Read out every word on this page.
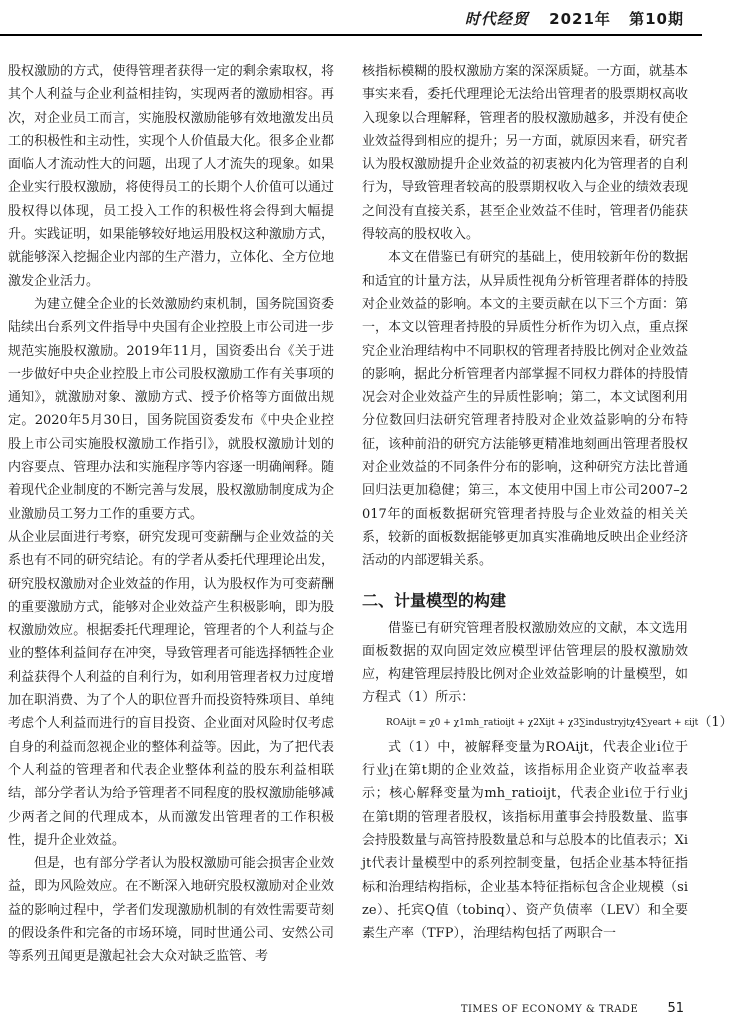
时代经贸 2021年 第10期

股权激励的方式，使得管理者获得一定的剩余索取权，将其个人利益与企业利益相挂钩，实现两者的激励相容。再次，对企业员工而言，实施股权激励能够有效地激发出员工的积极性和主动性，实现个人价值最大化。很多企业都面临人才流动性大的问题，出现了人才流失的现象。如果企业实行股权激励，将使得员工的长期个人价值可以通过股权得以体现，员工投入工作的积极性将会得到大幅提升。实践证明，如果能够较好地运用股权这种激励方式，就能够深入挖掘企业内部的生产潜力，立体化、全方位地激发企业活力。

为建立健全企业的长效激励约束机制，国务院国资委陆续出台系列文件指导中央国有企业控股上市公司进一步规范实施股权激励。2019年11月，国资委出台《关于进一步做好中央企业控股上市公司股权激励工作有关事项的通知》，就激励对象、激励方式、授予价格等方面做出规定。2020年5月30日，国务院国资委发布《中央企业控股上市公司实施股权激励工作指引》，就股权激励计划的内容要点、管理办法和实施程序等内容逐一明确阐释。随着现代企业制度的不断完善与发展，股权激励制度成为企业激励员工努力工作的重要方式。

从企业层面进行考察，研究发现可变薪酬与企业效益的关系也有不同的研究结论。有的学者从委托代理理论出发，研究股权激励对企业效益的作用，认为股权作为可变薪酬的重要激励方式，能够对企业效益产生积极影响，即为股权激励效应。根据委托代理理论，管理者的个人利益与企业的整体利益间存在冲突，导致管理者可能选择牺牲企业利益获得个人利益的自利行为，如利用管理者权力过度增加在职消费、为了个人的职位晋升而投资特殊项目、单纯考虑个人利益而进行的盲目投资、企业面对风险时仅考虑自身的利益而忽视企业的整体利益等。因此，为了把代表个人利益的管理者和代表企业整体利益的股东利益相联结，部分学者认为给予管理者不同程度的股权激励能够减少两者之间的代理成本，从而激发出管理者的工作积极性，提升企业效益。

但是，也有部分学者认为股权激励可能会损害企业效益，即为风险效应。在不断深入地研究股权激励对企业效益的影响过程中，学者们发现激励机制的有效性需要苛刻的假设条件和完备的市场环境，同时世通公司、安然公司等系列丑闻更是激起社会大众对缺乏监管、考

核指标模糊的股权激励方案的深深质疑。一方面，就基本事实来看，委托代理理论无法给出管理者的股票期权高收入现象以合理解释，管理者的股权激励越多，并没有使企业效益得到相应的提升；另一方面，就原因来看，研究者认为股权激励提升企业效益的初衷被内化为管理者的自利行为，导致管理者较高的股票期权收入与企业的绩效表现之间没有直接关系，甚至企业效益不佳时，管理者仍能获得较高的股权收入。

本文在借鉴已有研究的基础上，使用较新年份的数据和适宜的计量方法，从异质性视角分析管理者群体的持股对企业效益的影响。本文的主要贡献在以下三个方面：第一，本文以管理者持股的异质性分析作为切入点，重点探究企业治理结构中不同职权的管理者持股比例对企业效益的影响，据此分析管理者内部掌握不同权力群体的持股情况会对企业效益产生的异质性影响；第二，本文试图利用分位数回归法研究管理者持股对企业效益影响的分布特征，该种前沿的研究方法能够更精准地刻画出管理者股权对企业效益的不同条件分布的影响，这种研究方法比普通回归法更加稳健；第三，本文使用中国上市公司2007–2017年的面板数据研究管理者持股与企业效益的相关关系，较新的面板数据能够更加真实准确地反映出企业经济活动的内部逻辑关系。

二、计量模型的构建

借鉴已有研究管理者股权激励效应的文献，本文选用面板数据的双向固定效应模型评估管理层的股权激励效应，构建管理层持股比例对企业效益影响的计量模型，如方程式（1）所示：

ROAijt = χ0 + χ1mh_ratioijt + χ2Xijt + χ3∑industryjtχ4∑yeart + εijt （1）

式（1）中，被解释变量为ROAijt，代表企业i位于行业j在第t期的企业效益，该指标用企业资产收益率表示；核心解释变量为mh_ratioijt，代表企业i位于行业j在第t期的管理者股权，该指标用董事会持股数量、监事会持股数量与高管持股数量总和与总股本的比值表示；Xijt代表计量模型中的系列控制变量，包括企业基本特征指标和治理结构指标，企业基本特征指标包含企业规模（size）、托宾Q值（tobinq）、资产负债率（LEV）和全要素生产率（TFP），治理结构包括了两职合一

TIMES OF ECONOMY & TRADE 51
